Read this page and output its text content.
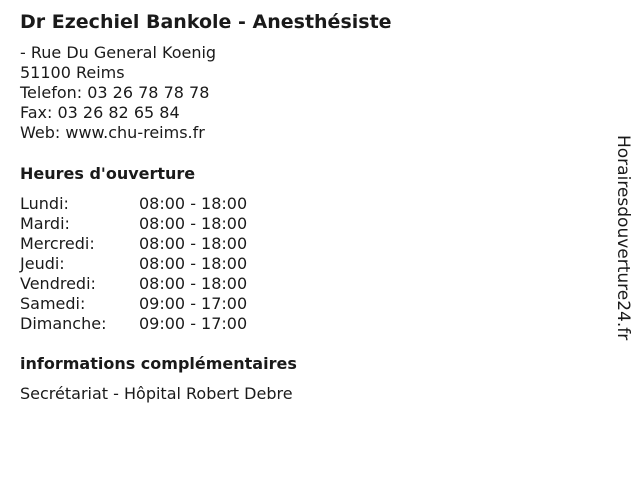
Dr Ezechiel Bankole - Anesthésiste
- Rue Du General Koenig
51100 Reims
Telefon: 03 26 78 78 78
Fax: 03 26 82 65 84
Web: www.chu-reims.fr
Heures d'ouverture
Lundi:	08:00 - 18:00
Mardi:	08:00 - 18:00
Mercredi:	08:00 - 18:00
Jeudi:	08:00 - 18:00
Vendredi:	08:00 - 18:00
Samedi:	09:00 - 17:00
Dimanche:	09:00 - 17:00
informations complémentaires
Secrétariat - Hôpital Robert Debre
Horairesdouverture24.fr
